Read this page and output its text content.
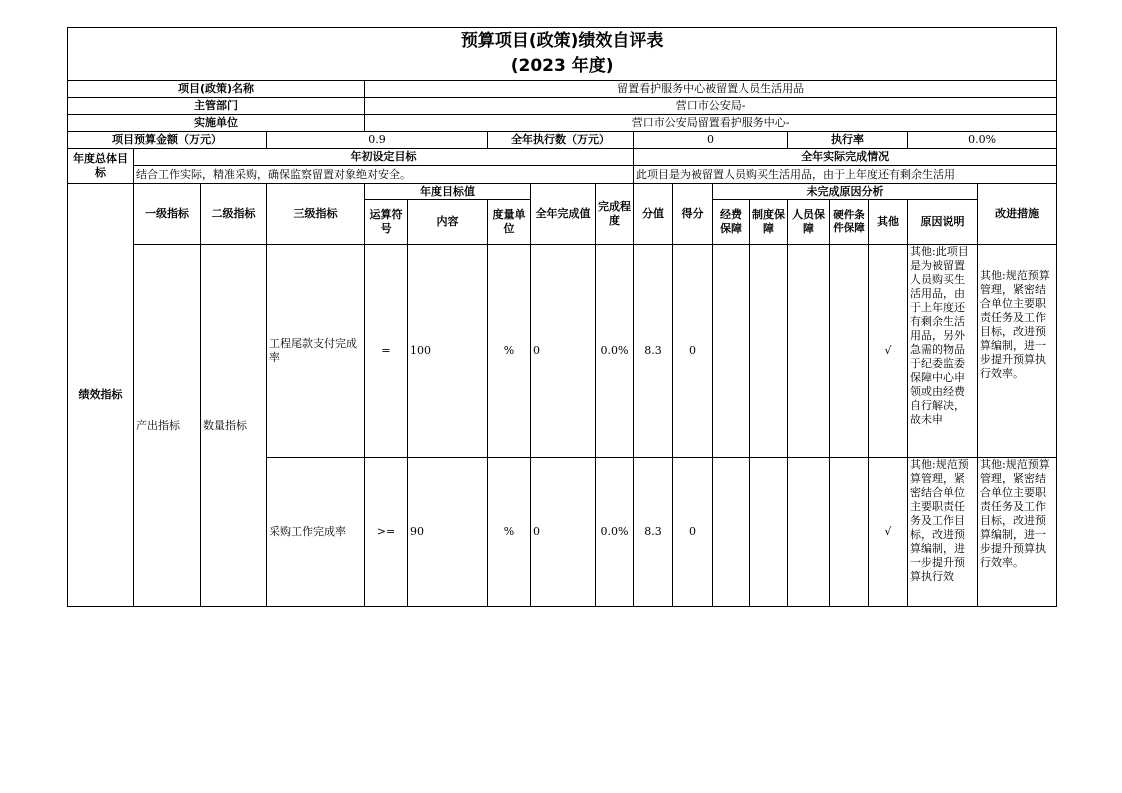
预算项目(政策)绩效自评表
(2023 年度)																	

项目(政策)名称				留置看护服务中心被留置人员生活用品													
主管部门				营口市公安局-													
实施单位				营口市公安局留置看护服务中心-													
项目预算金额（万元）			0.9			全年执行数（万元）			0				执行率			0.0%	
年度总体目标	年初设定目标								全年实际完成情况								
	结合工作实际，精准采购，确保监察留置对象绝对安全。								此项目是为被留置人员购买生活用品，由于上年度还有剩余生活用								
绩效指标	一级指标	二级指标	三级指标	年度目标值			全年完成值	完成程度	分值	得分	未完成原因分析						改进措施
				运算符号	内容	度量单位					经费保障	制度保障	人员保障	硬件条件保障	其他	原因说明	
	产出指标	数量指标	工程尾款支付完成率	=	100	%	0	0.0%	8.3	0					√	其他:此项目是为被留置人员购买生活用品，由于上年度还有剩余生活用品，另外急需的物品于纪委监委保障中心申领或由经费自行解决，故未申	其他:规范预算管理，紧密结合单位主要职责任务及工作目标，改进预算编制，进一步提升预算执行效率。

			采购工作完成率	>=	90	%	0	0.0%	8.3	0					√	其他:规范预算管理，紧密结合单位主要职责任务及工作目标，改进预算编制，进一步提升预算执行效	其他:规范预算管理，紧密结合单位主要职责任务及工作目标，改进预算编制，进一步提升预算执行效率。
